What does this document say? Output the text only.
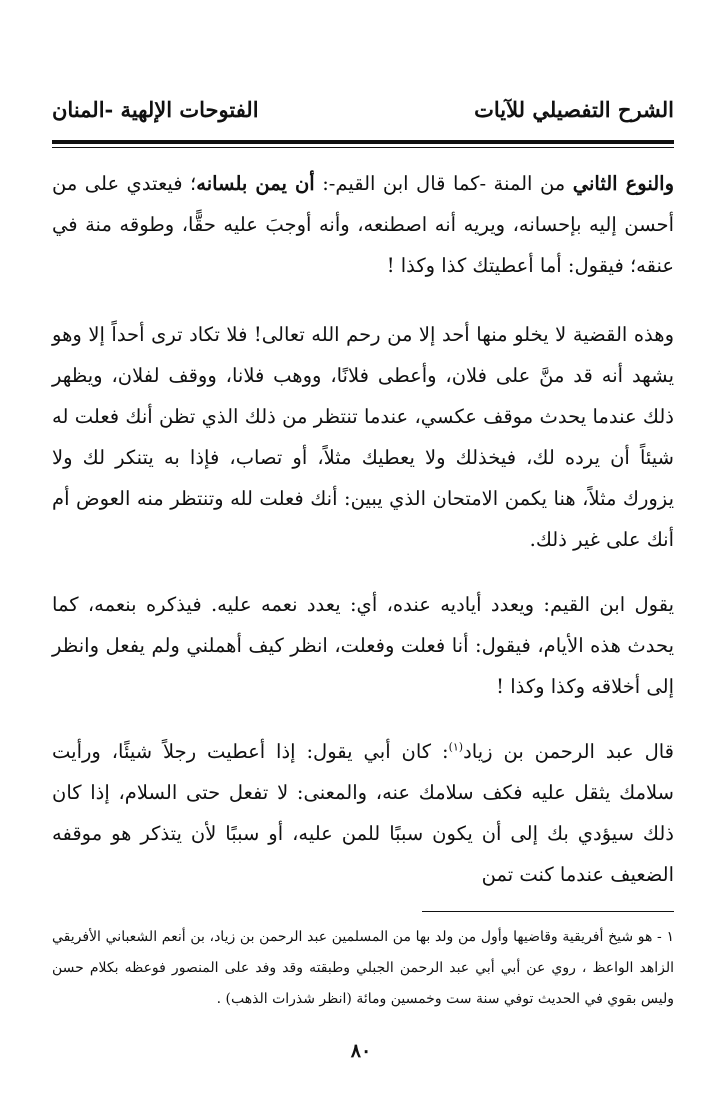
الشرح التفصيلي للآيات
الفتوحات الإلهية -المنان

والنوع الثاني من المنة -كما قال ابن القيم-: أن يمن بلسانه؛ فيعتدي على من أحسن إليه بإحسانه، ويريه أنه اصطنعه، وأنه أوجبَ عليه حقًّا، وطوقه منة في عنقه؛ فيقول: أما أعطيتك كذا وكذا !

وهذه القضية لا يخلو منها أحد إلا من رحم الله تعالى! فلا تكاد ترى أحداً إلا وهو يشهد أنه قد منَّ على فلان، وأعطى فلانًا، ووهب فلانا، ووقف لفلان، ويظهر ذلك عندما يحدث موقف عكسي، عندما تنتظر من ذلك الذي تظن أنك فعلت له شيئاً أن يرده لك، فيخذلك ولا يعطيك مثلاً، أو تصاب، فإذا به يتنكر لك ولا يزورك مثلاً، هنا يكمن الامتحان الذي يبين: أنك فعلت لله وتنتظر منه العوض أم أنك على غير ذلك.

يقول ابن القيم: ويعدد أياديه عنده، أي: يعدد نعمه عليه. فيذكره بنعمه، كما يحدث هذه الأيام، فيقول: أنا فعلت وفعلت، انظر كيف أهملني ولم يفعل وانظر إلى أخلاقه وكذا وكذا !

قال عبد الرحمن بن زياد$^{(١)}$: كان أبي يقول: إذا أعطيت رجلاً شيئًا، ورأيت سلامك يثقل عليه فكف سلامك عنه، والمعنى: لا تفعل حتى السلام، إذا كان ذلك سيؤدي بك إلى أن يكون سببًا للمن عليه، أو سببًا لأن يتذكر هو موقفه الضعيف عندما كنت تمن

١ - هو شيخ أفريقية وقاضيها وأول من ولد بها من المسلمين عبد الرحمن بن زياد، بن أنعم الشعباني الأفريقي الزاهد الواعظ ، روي عن أبي أبي عبد الرحمن الجبلي وطبقته وقد وفد على المنصور فوعظه بكلام حسن وليس بقوي في الحديث توفي سنة ست وخمسين ومائة (انظر شذرات الذهب) .
٨٠
